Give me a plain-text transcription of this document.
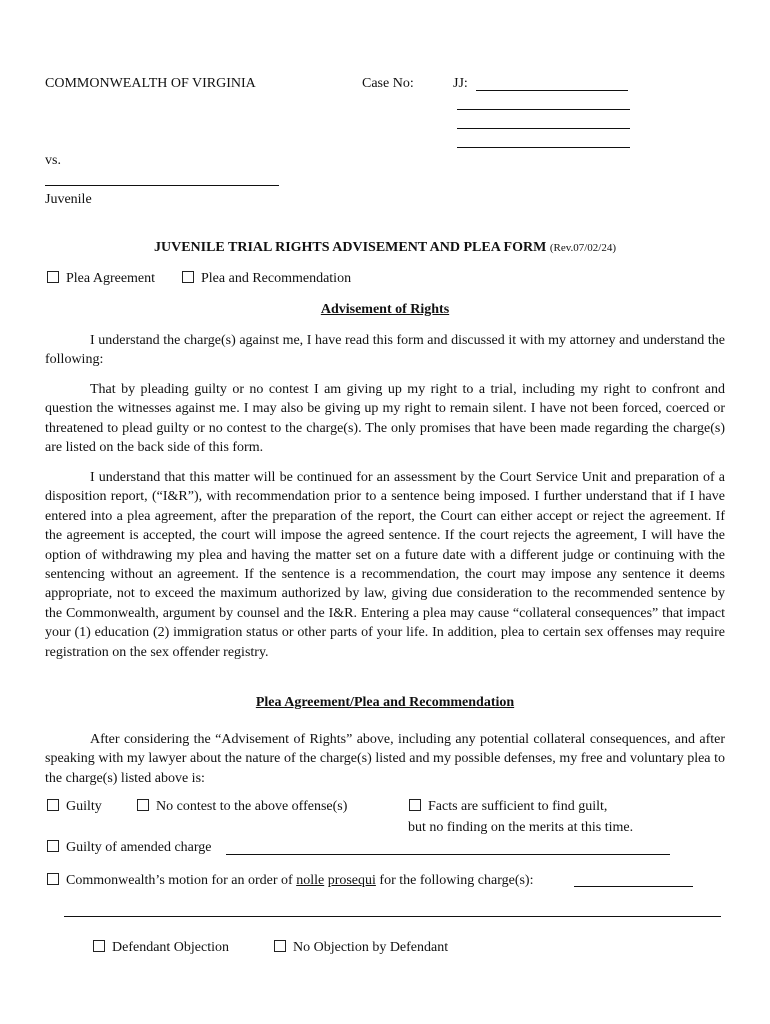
COMMONWEALTH OF VIRGINIA	Case No:	JJ:
vs.
Juvenile
JUVENILE TRIAL RIGHTS ADVISEMENT AND PLEA FORM (Rev.07/02/24)
Plea Agreement	Plea and Recommendation
Advisement of Rights

I understand the charge(s) against me, I have read this form and discussed it with my attorney and understand the following:

That by pleading guilty or no contest I am giving up my right to a trial, including my right to confront and question the witnesses against me. I may also be giving up my right to remain silent. I have not been forced, coerced or threatened to plead guilty or no contest to the charge(s). The only promises that have been made regarding the charge(s) are listed on the back side of this form.

I understand that this matter will be continued for an assessment by the Court Service Unit and preparation of a disposition report, (“I&R”), with recommendation prior to a sentence being imposed. I further understand that if I have entered into a plea agreement, after the preparation of the report, the Court can either accept or reject the agreement. If the agreement is accepted, the court will impose the agreed sentence. If the court rejects the agreement, I will have the option of withdrawing my plea and having the matter set on a future date with a different judge or continuing with the sentencing without an agreement. If the sentence is a recommendation, the court may impose any sentence it deems appropriate, not to exceed the maximum authorized by law, giving due consideration to the recommended sentence by the Commonwealth, argument by counsel and the I&R. Entering a plea may cause “collateral consequences” that impact your (1) education (2) immigration status or other parts of your life. In addition, plea to certain sex offenses may require registration on the sex offender registry.

Plea Agreement/Plea and Recommendation

After considering the “Advisement of Rights” above, including any potential collateral consequences, and after speaking with my lawyer about the nature of the charge(s) listed and my possible defenses, my free and voluntary plea to the charge(s) listed above is:

Guilty	No contest to the above offense(s)	Facts are sufficient to find guilt,
but no finding on the merits at this time.
Guilty of amended charge
Commonwealth’s motion for an order of nolle prosequi for the following charge(s):
Defendant Objection	No Objection by Defendant
